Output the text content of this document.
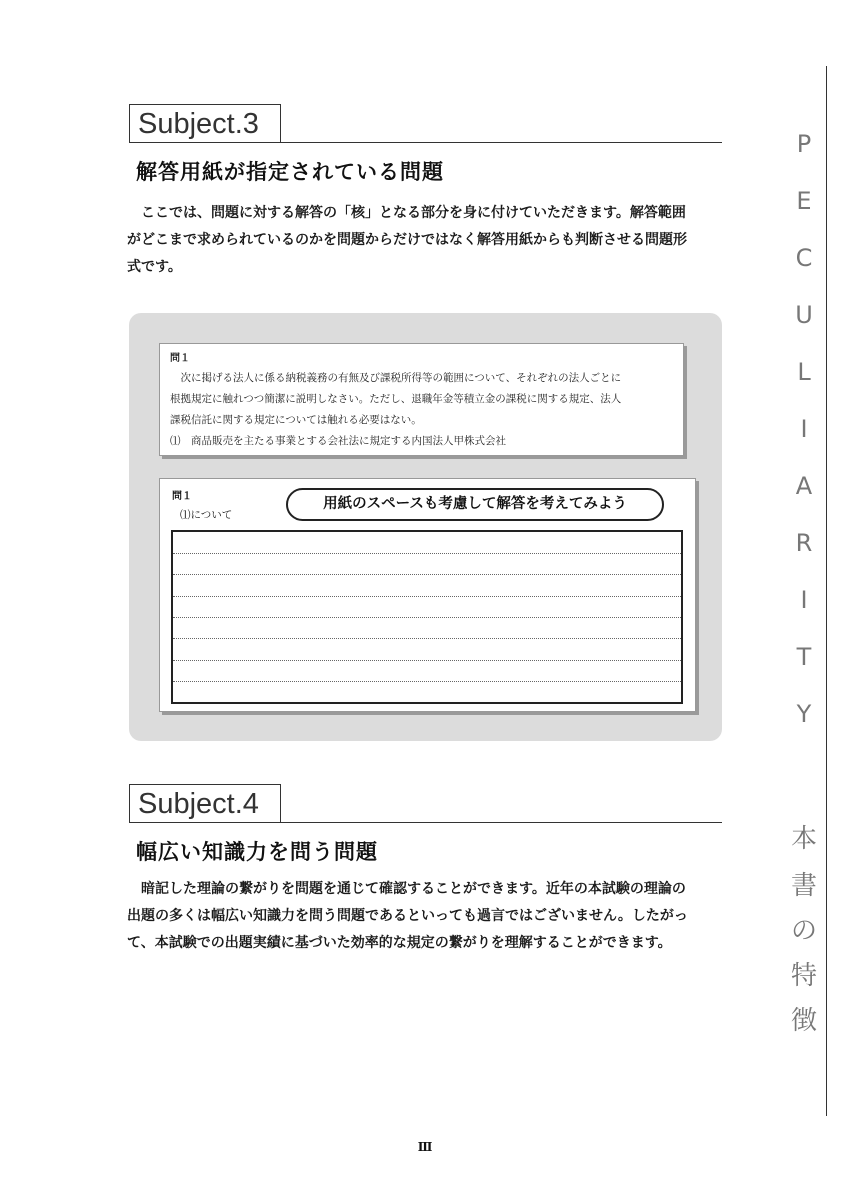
Subject.3
解答用紙が指定されている問題
ここでは、問題に対する解答の「核」となる部分を身に付けていただきます。解答範囲
がどこまで求められているのかを問題からだけではなく解答用紙からも判断させる問題形
式です。

問１

次に掲げる法人に係る納税義務の有無及び課税所得等の範囲について、それぞれの法人ごとに

根拠規定に触れつつ簡潔に説明しなさい。ただし、退職年金等積立金の課税に関する規定、法人

課税信託に関する規定については触れる必要はない。

⑴　商品販売を主たる事業とする会社法に規定する内国法人甲株式会社

問１
⑴について
用紙のスペースも考慮して解答を考えてみよう
Subject.4
幅広い知識力を問う問題
暗記した理論の繋がりを問題を通じて確認することができます。近年の本試験の理論の
出題の多くは幅広い知識力を問う問題であるといっても過言ではございません。したがっ
て、本試験での出題実績に基づいた効率的な規定の繋がりを理解することができます。
P
E
C
U
L
I
A
R
I
T
Y
本
書
の
特
徴
Ⅲ
